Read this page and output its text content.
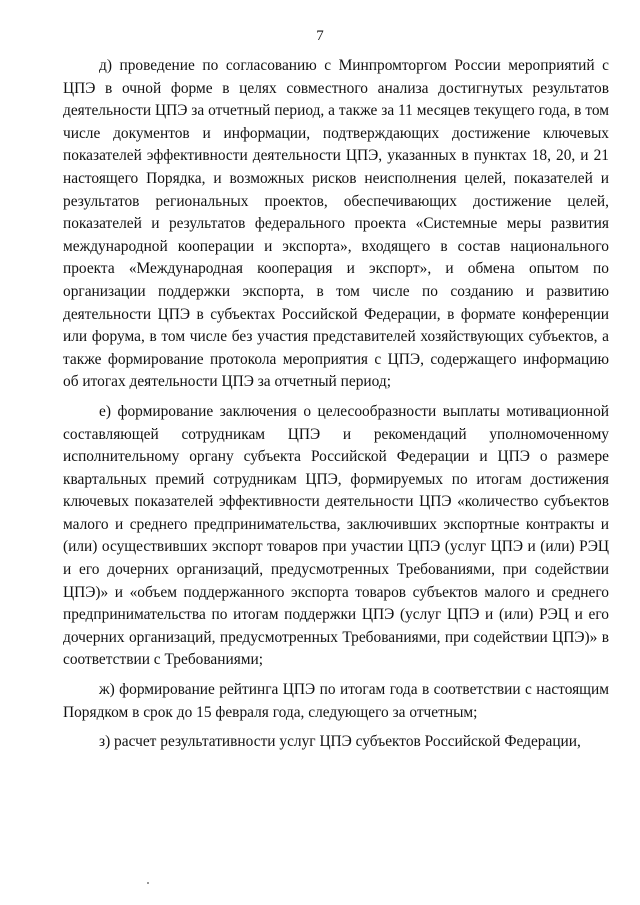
7

д) проведение по согласованию с Минпромторгом России мероприятий с ЦПЭ в очной форме в целях совместного анализа достигнутых результатов деятельности ЦПЭ за отчетный период, а также за 11 месяцев текущего года, в том числе документов и информации, подтверждающих достижение ключевых показателей эффективности деятельности ЦПЭ, указанных в пунктах 18, 20, и 21 настоящего Порядка, и возможных рисков неисполнения целей, показателей и результатов региональных проектов, обеспечивающих достижение целей, показателей и результатов федерального проекта «Системные меры развития международной кооперации и экспорта», входящего в состав национального проекта «Международная кооперация и экспорт», и обмена опытом по организации поддержки экспорта, в том числе по созданию и развитию деятельности ЦПЭ в субъектах Российской Федерации, в формате конференции или форума, в том числе без участия представителей хозяйствующих субъектов, а также формирование протокола мероприятия с ЦПЭ, содержащего информацию об итогах деятельности ЦПЭ за отчетный период;

е) формирование заключения о целесообразности выплаты мотивационной составляющей сотрудникам ЦПЭ и рекомендаций уполномоченному исполнительному органу субъекта Российской Федерации и ЦПЭ о размере квартальных премий сотрудникам ЦПЭ, формируемых по итогам достижения ключевых показателей эффективности деятельности ЦПЭ «количество субъектов малого и среднего предпринимательства, заключивших экспортные контракты и (или) осуществивших экспорт товаров при участии ЦПЭ (услуг ЦПЭ и (или) РЭЦ и его дочерних организаций, предусмотренных Требованиями, при содействии ЦПЭ)» и «объем поддержанного экспорта товаров субъектов малого и среднего предпринимательства по итогам поддержки ЦПЭ (услуг ЦПЭ и (или) РЭЦ и его дочерних организаций, предусмотренных Требованиями, при содействии ЦПЭ)» в соответствии с Требованиями;

ж) формирование рейтинга ЦПЭ по итогам года в соответствии с настоящим Порядком в срок до 15 февраля года, следующего за отчетным;

з) расчет результативности услуг ЦПЭ субъектов Российской Федерации,
